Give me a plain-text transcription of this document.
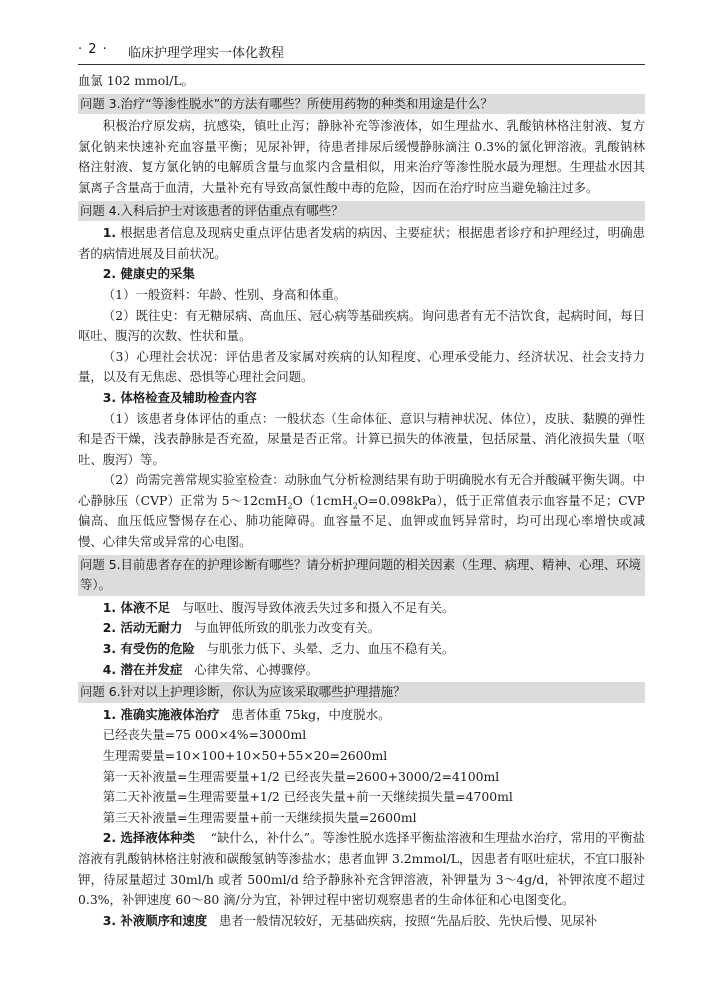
· 2 · 临床护理学理实一体化教程

血氯 102 mmol/L。

问题 3.治疗“等渗性脱水”的方法有哪些？所使用药物的种类和用途是什么？

积极治疗原发病，抗感染，镇吐止泻；静脉补充等渗液体，如生理盐水、乳酸钠林格注射液、复方氯化钠来快速补充血容量平衡；见尿补钾，待患者排尿后缓慢静脉滴注 0.3%的氯化钾溶液。乳酸钠林格注射液、复方氯化钠的电解质含量与血浆内含量相似，用来治疗等渗性脱水最为理想。生理盐水因其氯离子含量高于血清，大量补充有导致高氯性酸中毒的危险，因而在治疗时应当避免输注过多。

问题 4.入科后护士对该患者的评估重点有哪些？

1. 根据患者信息及现病史重点评估患者发病的病因、主要症状；根据患者诊疗和护理经过，明确患者的病情进展及目前状况。

2. 健康史的采集

（1）一般资料：年龄、性别、身高和体重。

（2）既往史：有无糖尿病、高血压、冠心病等基础疾病。询问患者有无不洁饮食，起病时间，每日呕吐、腹泻的次数、性状和量。

（3）心理社会状况：评估患者及家属对疾病的认知程度、心理承受能力、经济状况、社会支持力量，以及有无焦虑、恐惧等心理社会问题。

3. 体格检查及辅助检查内容

（1）该患者身体评估的重点：一般状态（生命体征、意识与精神状况、体位），皮肤、黏膜的弹性和是否干燥，浅表静脉是否充盈，尿量是否正常。计算已损失的体液量，包括尿量、消化液损失量（呕吐、腹泻）等。

（2）尚需完善常规实验室检查：动脉血气分析检测结果有助于明确脱水有无合并酸碱平衡失调。中心静脉压（CVP）正常为 5～12cmH$_2$O（1cmH$_2$O=0.098kPa），低于正常值表示血容量不足；CVP 偏高、血压低应警惕存在心、肺功能障碍。血容量不足、血钾或血钙异常时，均可出现心率增快或减慢、心律失常或异常的心电图。

问题 5.目前患者存在的护理诊断有哪些？请分析护理问题的相关因素（生理、病理、精神、心理、环境等）。

1. 体液不足 与呕吐、腹泻导致体液丢失过多和摄入不足有关。

2. 活动无耐力 与血钾低所致的肌张力改变有关。

3. 有受伤的危险 与肌张力低下、头晕、乏力、血压不稳有关。

4. 潜在并发症 心律失常、心搏骤停。

问题 6.针对以上护理诊断，你认为应该采取哪些护理措施？

1. 准确实施液体治疗 患者体重 75kg，中度脱水。

已经丧失量=75 000×4%=3000ml

生理需要量=10×100+10×50+55×20=2600ml

第一天补液量=生理需要量+1/2 已经丧失量=2600+3000/2=4100ml

第二天补液量=生理需要量+1/2 已经丧失量+前一天继续损失量=4700ml

第三天补液量=生理需要量+前一天继续损失量=2600ml

2. 选择液体种类 “缺什么，补什么”。等渗性脱水选择平衡盐溶液和生理盐水治疗，常用的平衡盐溶液有乳酸钠林格注射液和碳酸氢钠等渗盐水；患者血钾 3.2mmol/L，因患者有呕吐症状，不宜口服补钾，待尿量超过 30ml/h 或者 500ml/d 给予静脉补充含钾溶液，补钾量为 3～4g/d，补钾浓度不超过 0.3%，补钾速度 60～80 滴/分为宜，补钾过程中密切观察患者的生命体征和心电图变化。

3. 补液顺序和速度 患者一般情况较好，无基础疾病，按照“先晶后胶、先快后慢、见尿补
